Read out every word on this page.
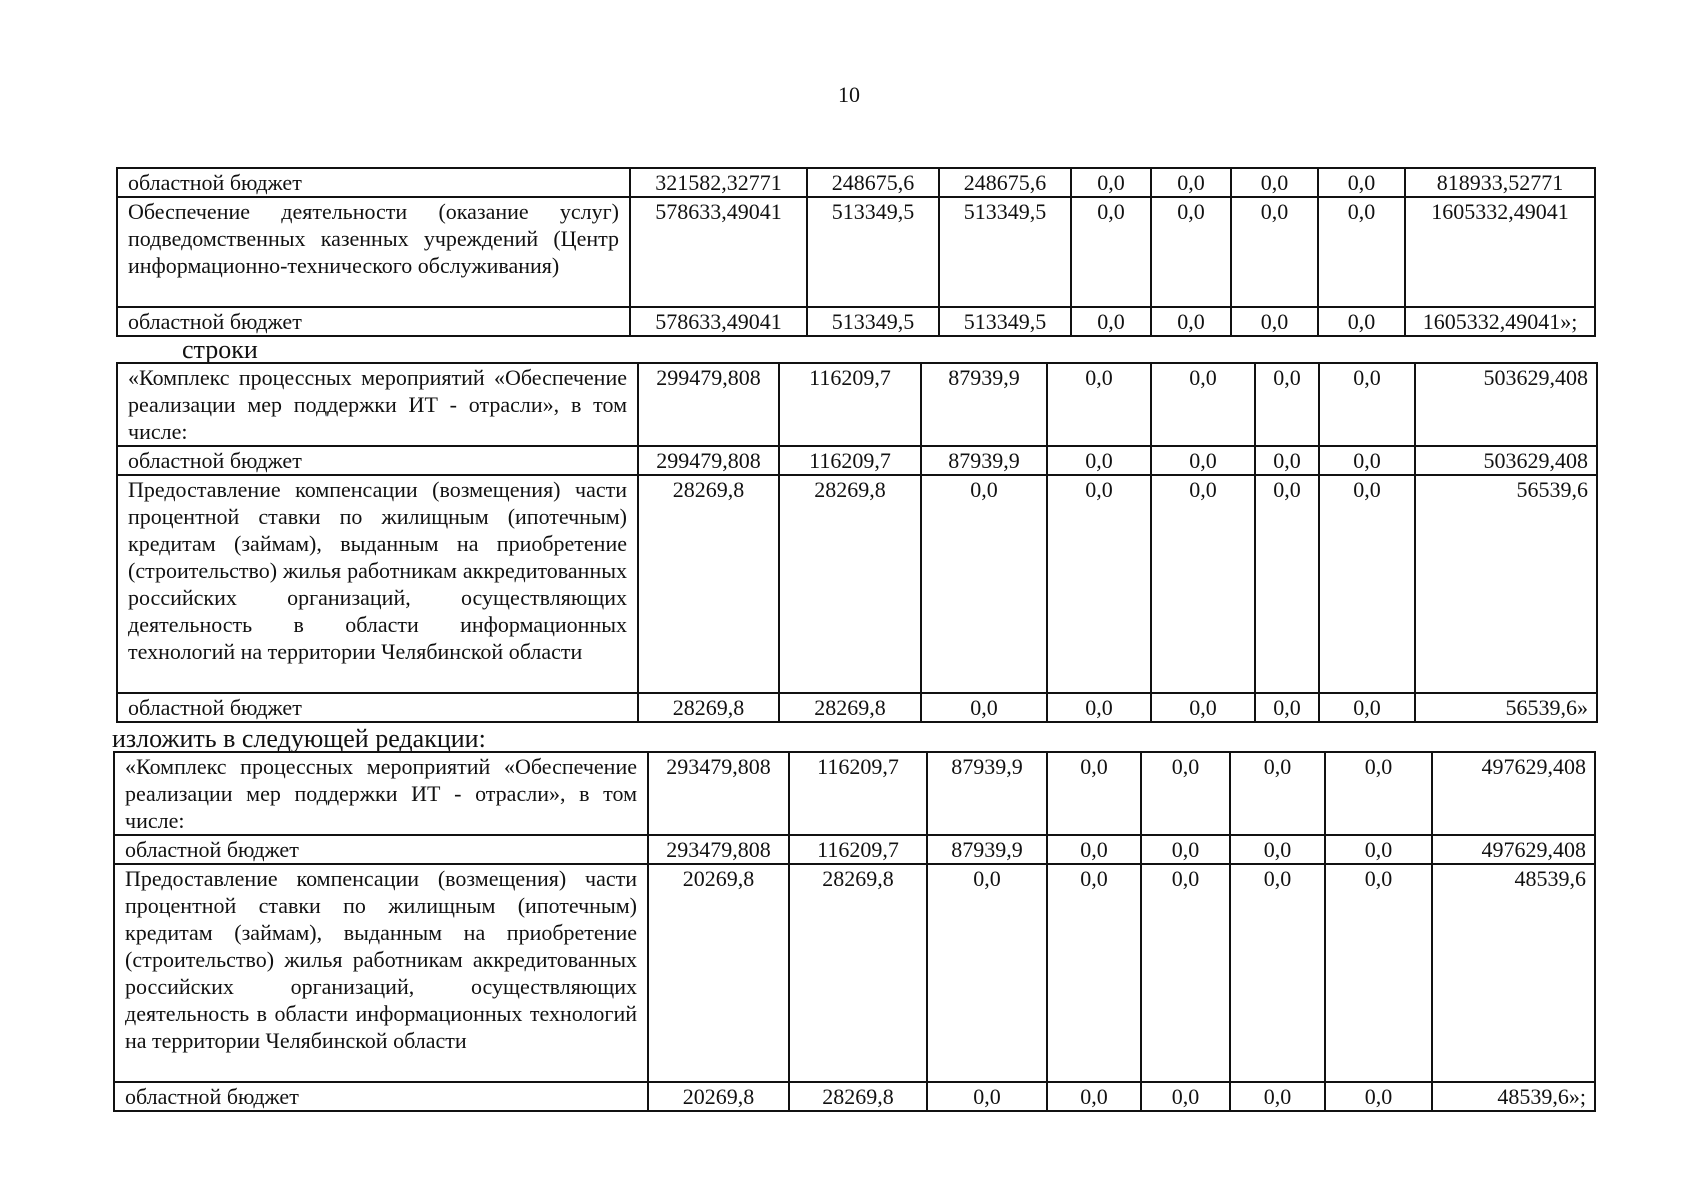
10
областной бюджет	321582,32771	248675,6	248675,6	0,0	0,0	0,0	0,0	818933,52771
Обеспечение деятельности (оказание услуг) подведомственных казенных учреждений (Центр информационно-технического обслуживания)	578633,49041	513349,5	513349,5	0,0	0,0	0,0	0,0	1605332,49041
областной бюджет	578633,49041	513349,5	513349,5	0,0	0,0	0,0	0,0	1605332,49041»;
строки
«Комплекс процессных мероприятий «Обеспечение реализации мер поддержки ИТ - отрасли», в том числе:	299479,808	116209,7	87939,9	0,0	0,0	0,0	0,0	503629,408
областной бюджет	299479,808	116209,7	87939,9	0,0	0,0	0,0	0,0	503629,408
Предоставление компенсации (возмещения) части процентной ставки по жилищным (ипотечным) кредитам (займам), выданным на приобретение (строительство) жилья работникам аккредитованных российских организаций, осуществляющих деятельность в области информационных технологий на территории Челябинской области	28269,8	28269,8	0,0	0,0	0,0	0,0	0,0	56539,6
областной бюджет	28269,8	28269,8	0,0	0,0	0,0	0,0	0,0	56539,6»
изложить в следующей редакции:
«Комплекс процессных мероприятий «Обеспечение реализации мер поддержки ИТ - отрасли», в том числе:	293479,808	116209,7	87939,9	0,0	0,0	0,0	0,0	497629,408
областной бюджет	293479,808	116209,7	87939,9	0,0	0,0	0,0	0,0	497629,408
Предоставление компенсации (возмещения) части процентной ставки по жилищным (ипотечным) кредитам (займам), выданным на приобретение (строительство) жилья работникам аккредитованных российских организаций, осуществляющих деятельность в области информационных технологий на территории Челябинской области	20269,8	28269,8	0,0	0,0	0,0	0,0	0,0	48539,6
областной бюджет	20269,8	28269,8	0,0	0,0	0,0	0,0	0,0	48539,6»;
